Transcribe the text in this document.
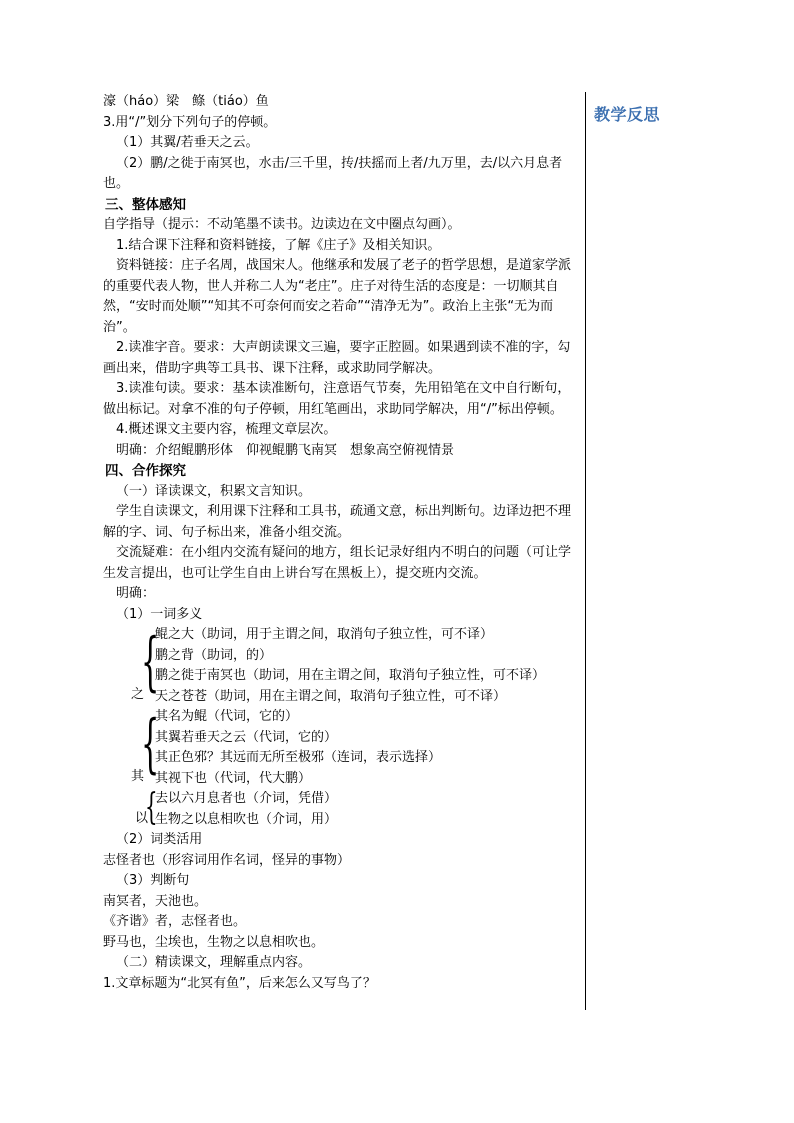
教学反思
濠（háo）梁　鲦（tiáo）鱼
3.用“/”划分下列句子的停顿。
（1）其翼/若垂天之云。
（2）鹏/之徙于南冥也，水击/三千里，抟/扶摇而上者/九万里，去/以六月息者也。
三、整体感知
自学指导（提示：不动笔墨不读书。边读边在文中圈点勾画）。
1.结合课下注释和资料链接，了解《庄子》及相关知识。
资料链接：庄子名周，战国宋人。他继承和发展了老子的哲学思想，是道家学派的重要代表人物，世人并称二人为“老庄”。庄子对待生活的态度是：一切顺其自然，“安时而处顺”“知其不可奈何而安之若命”“清净无为”。政治上主张“无为而治”。
2.读准字音。要求：大声朗读课文三遍，要字正腔圆。如果遇到读不准的字，勾画出来，借助字典等工具书、课下注释，或求助同学解决。
3.读准句读。要求：基本读准断句，注意语气节奏，先用铅笔在文中自行断句，做出标记。对拿不准的句子停顿，用红笔画出，求助同学解决，用“/”标出停顿。
4.概述课文主要内容，梳理文章层次。
明确：介绍鲲鹏形体　仰视鲲鹏飞南冥　想象高空俯视情景
四、合作探究
（一）译读课文，积累文言知识。
学生自读课文，利用课下注释和工具书，疏通文意，标出判断句。边译边把不理解的字、词、句子标出来，准备小组交流。
交流疑难：在小组内交流有疑问的地方，组长记录好组内不明白的问题（可让学生发言提出，也可让学生自由上讲台写在黑板上），提交班内交流。
明确：
（1）一词多义
{
之
鲲之大（助词，用于主谓之间，取消句子独立性，可不译）
鹏之背（助词，的）
鹏之徙于南冥也（助词，用在主谓之间，取消句子独立性，可不译）
天之苍苍（助词，用在主谓之间，取消句子独立性，可不译）
{
其
其名为鲲（代词，它的）
其翼若垂天之云（代词，它的）
其正色邪？其远而无所至极邪（连词，表示选择）
其视下也（代词，代大鹏）
{
以
去以六月息者也（介词，凭借）
生物之以息相吹也（介词，用）
（2）词类活用
志怪者也（形容词用作名词，怪异的事物）
（3）判断句
南冥者，天池也。
《齐谐》者，志怪者也。
野马也，尘埃也，生物之以息相吹也。
（二）精读课文，理解重点内容。
1.文章标题为“北冥有鱼”，后来怎么又写鸟了？
